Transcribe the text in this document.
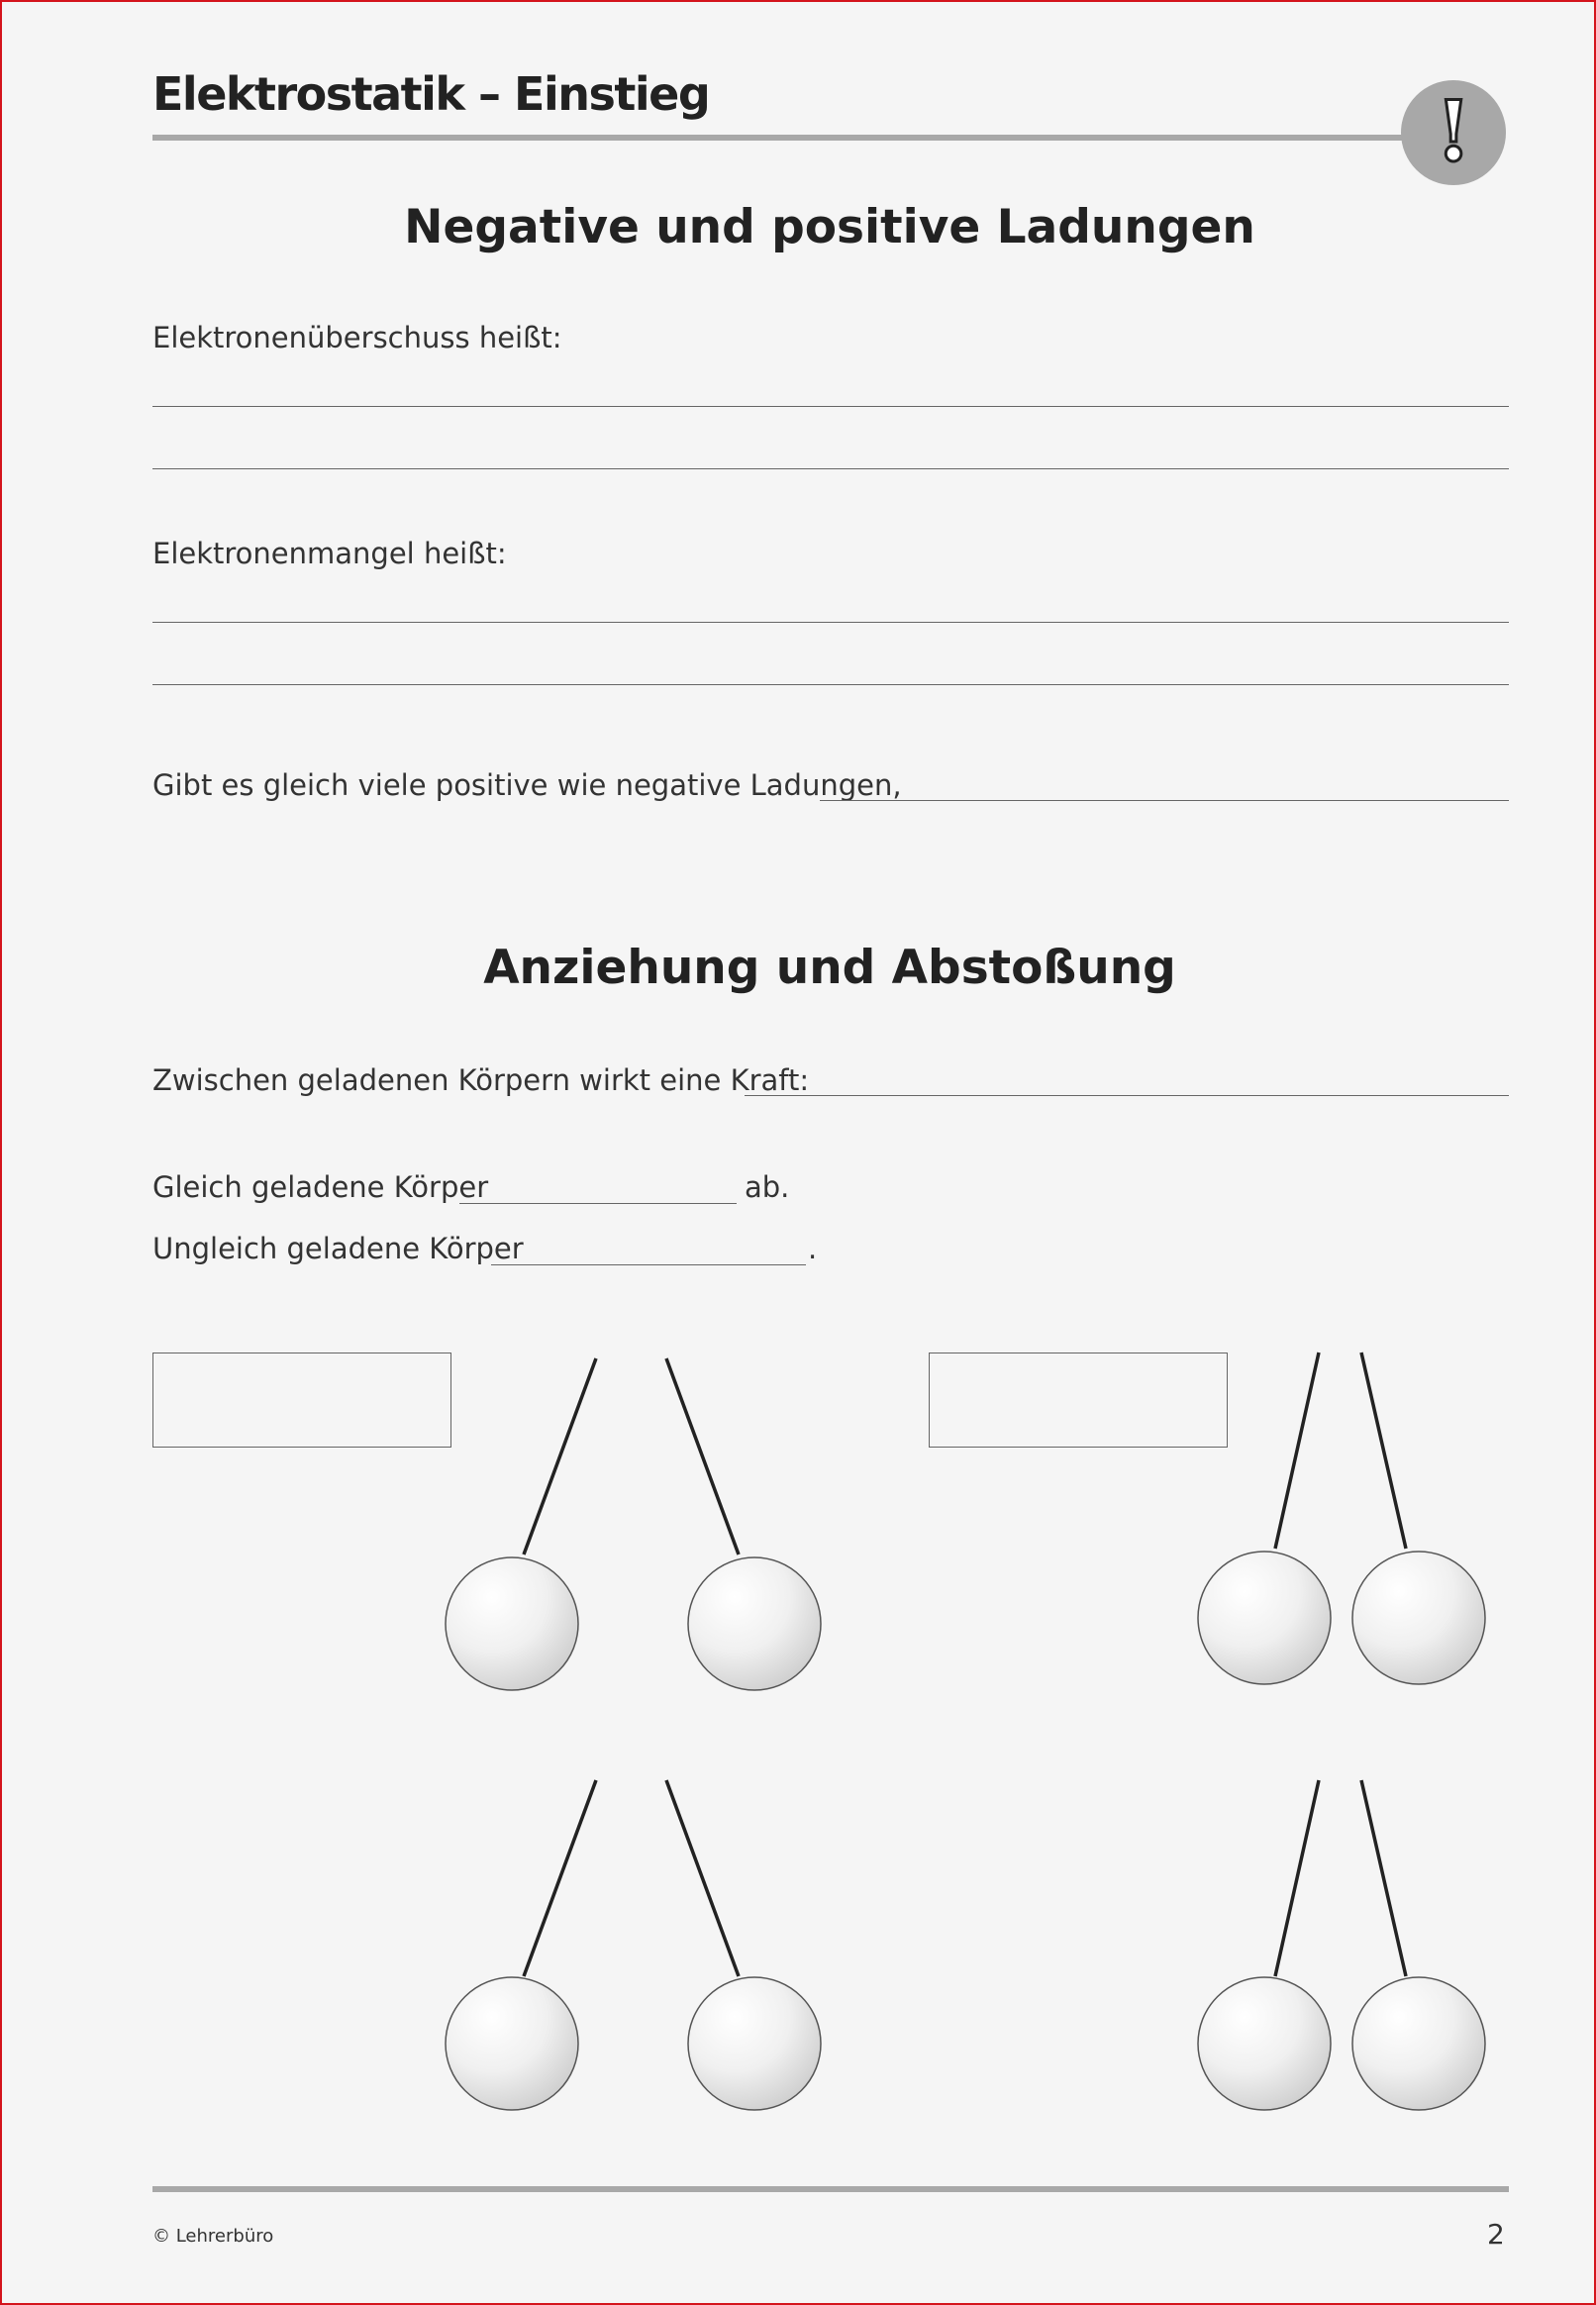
Elektrostatik – Einstieg	!
Negative und positive Ladungen
Elektronenüberschuss heißt:
Elektronenmangel heißt:
Gibt es gleich viele positive wie negative Ladungen,
Anziehung und Abstoßung
Zwischen geladenen Körpern wirkt eine Kraft:
Gleich geladene Körper	ab.
Ungleich geladene Körper	.
© Lehrerbüro	2
